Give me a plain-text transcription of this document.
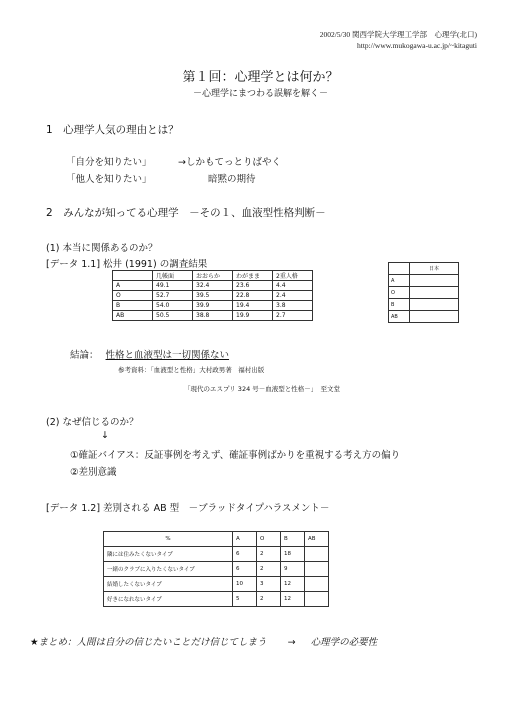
2002/5/30 関西学院大学理工学部　心理学(北口)
http://www.mukogawa-u.ac.jp/~kitaguti
第１回：心理学とは何か？
－心理学にまつわる誤解を解く－
1　心理学人気の理由とは？
「自分を知りたい」	→しかもてっとりばやく
「他人を知りたい」	暗黙の期待
2　みんなが知ってる心理学　－その１、血液型性格判断－
(1) 本当に関係あるのか？
[データ 1.1] 松井 (1991) の調査結果
	几帳面	おおらか	わがまま	2重人格
A	49.1	32.4	23.6	4.4
O	52.7	39.5	22.8	2.4
B	54.0	39.9	19.4	3.8
AB	50.5	38.8	19.9	2.7
	日本
A	
O	
B	
AB	
結論： 性格と血液型は一切関係ない
参考資料：「血液型と性格」大村政男著　福村出版
「現代のエスプリ 324 号－血液型と性格－」　至文堂
(2) なぜ信じるのか？
↓
①確証バイアス：反証事例を考えず、確証事例ばかりを重視する考え方の偏り
②差別意識
[データ 1.2] 差別される AB 型　－ブラッドタイプハラスメント－
%	A	O	B	AB
隣には住みたくないタイプ	6	2	18	
一緒のクラブに入りたくないタイプ	6	2	9	
結婚したくないタイプ	10	3	12	
好きになれないタイプ	5	2	12	
★まとめ：人間は自分の信じたいことだけ信じてしまう → 心理学の必要性
